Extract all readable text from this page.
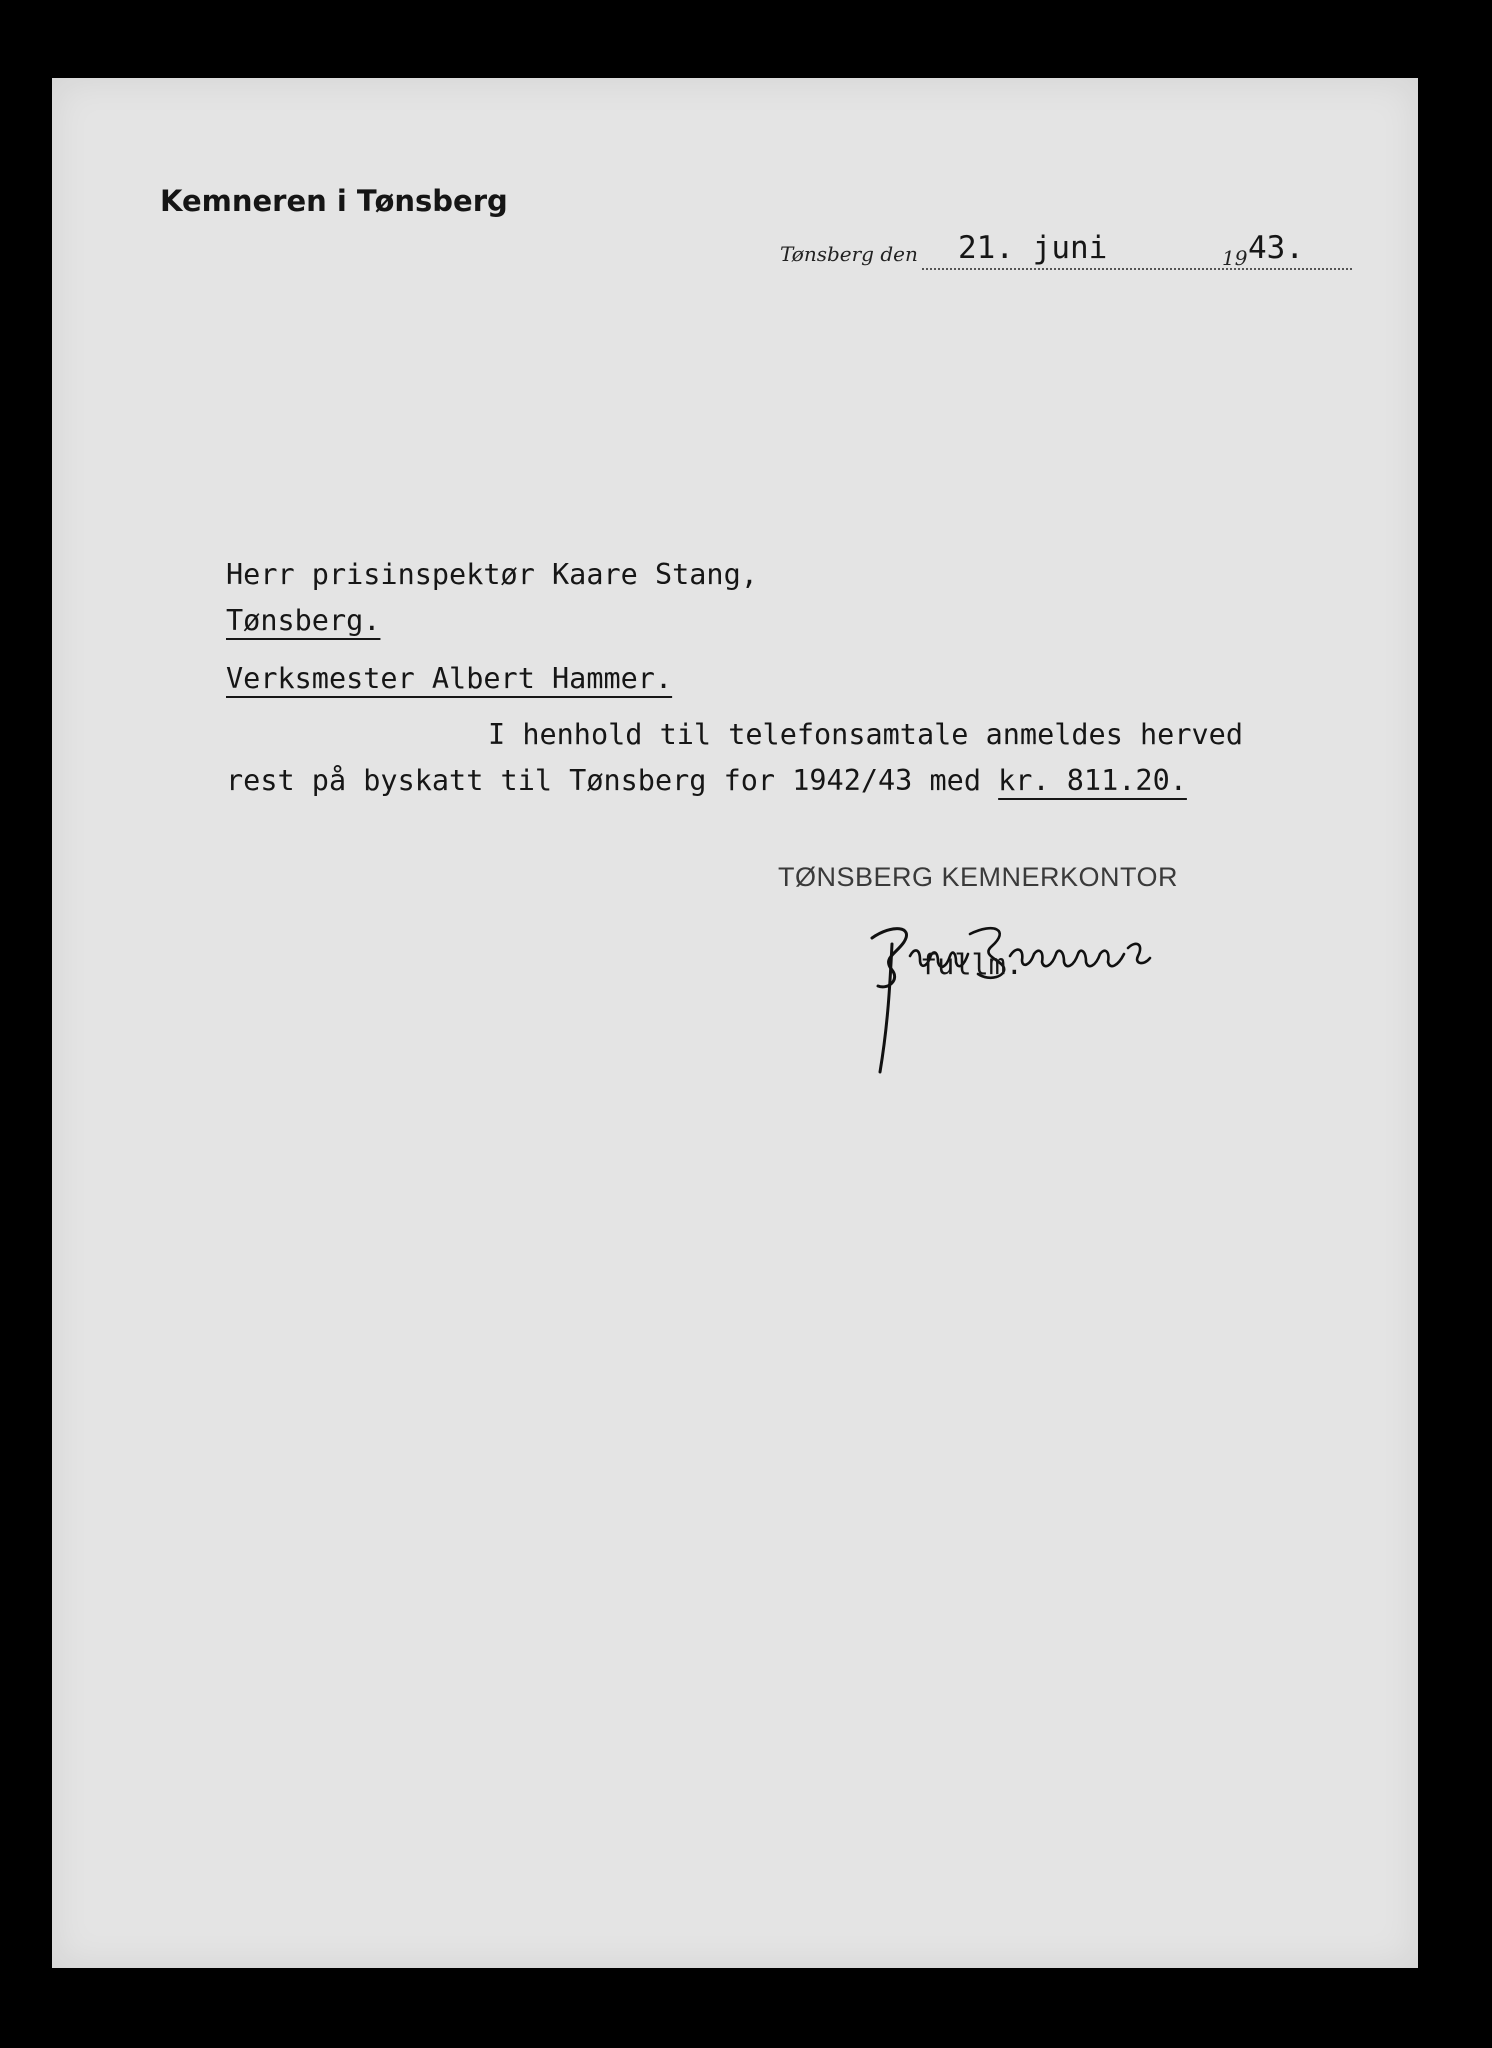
Kemneren i Tønsberg
Tønsberg den 21. juni	19 43.
Herr prisinspektør Kaare Stang,
Tønsberg.
Verksmester Albert Hammer.
I henhold til telefonsamtale anmeldes herved
rest på byskatt til Tønsberg for 1942/43 med kr. 811.20.
TØNSBERG KEMNERKONTOR
fullm.
